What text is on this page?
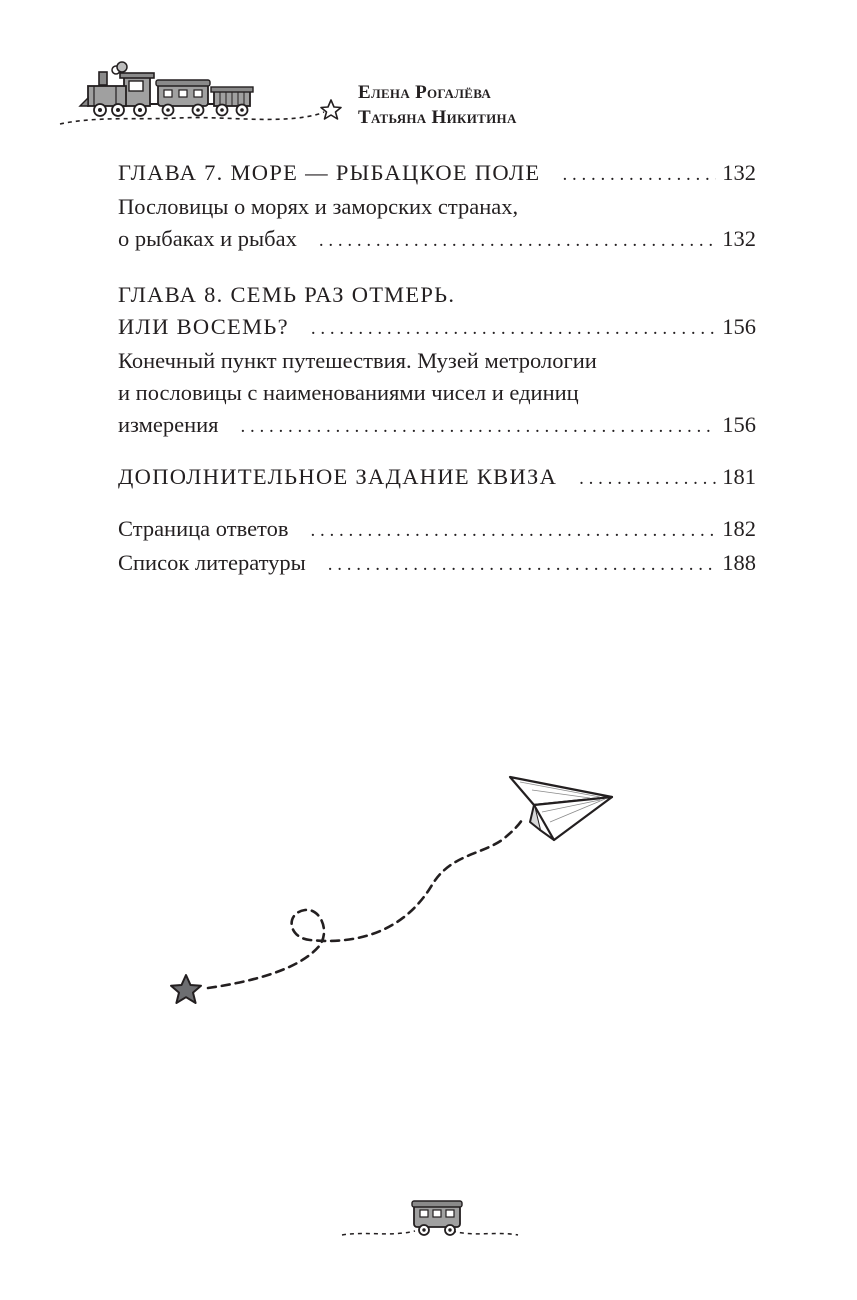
Елена Рогалёва
Татьяна Никитина
ГЛАВА 7. МОРЕ — РЫБАЦКОЕ ПОЛЕ . . .	132
Пословицы о морях и заморских странах,
о рыбаках и рыбах . . .	132
ГЛАВА 8. СЕМЬ РАЗ ОТМЕРЬ.
ИЛИ ВОСЕМЬ? . . .	156
Конечный пункт путешествия. Музей метрологии
и пословицы с наименованиями чисел и единиц
измерения . . .	156
ДОПОЛНИТЕЛЬНОЕ ЗАДАНИЕ КВИЗА . . .	181
Страница ответов . . .	182
Список литературы . . .	188
